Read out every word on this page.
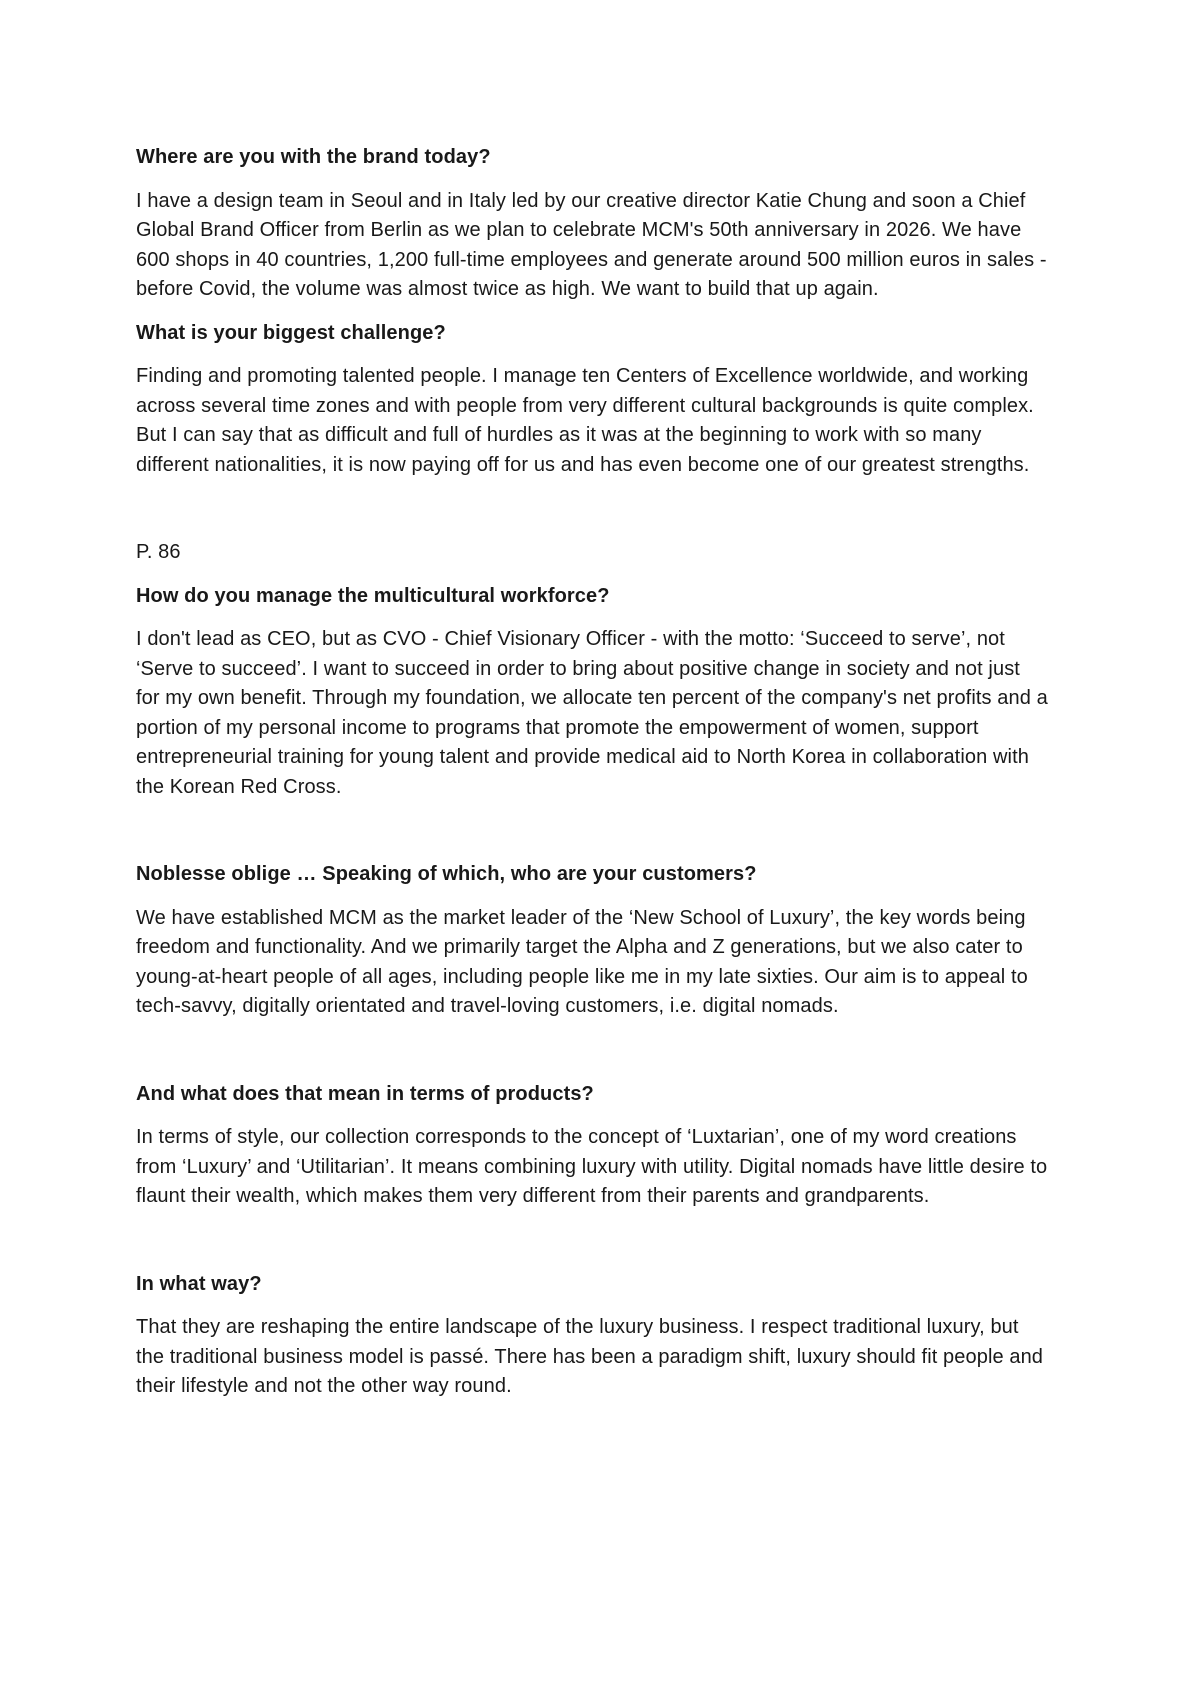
Where are you with the brand today?

I have a design team in Seoul and in Italy led by our creative director Katie Chung and soon a Chief Global Brand Officer from Berlin as we plan to celebrate MCM's 50th anniversary in 2026. We have 600 shops in 40 countries, 1,200 full-time employees and generate around 500 million euros in sales - before Covid, the volume was almost twice as high. We want to build that up again.

What is your biggest challenge?

Finding and promoting talented people. I manage ten Centers of Excellence worldwide, and working across several time zones and with people from very different cultural backgrounds is quite complex. But I can say that as difficult and full of hurdles as it was at the beginning to work with so many different nationalities, it is now paying off for us and has even become one of our greatest strengths.

P. 86

How do you manage the multicultural workforce?

I don't lead as CEO, but as CVO - Chief Visionary Officer - with the motto: ‘Succeed to serve’, not ‘Serve to succeed’. I want to succeed in order to bring about positive change in society and not just for my own benefit. Through my foundation, we allocate ten percent of the company's net profits and a portion of my personal income to programs that promote the empowerment of women, support entrepreneurial training for young talent and provide medical aid to North Korea in collaboration with the Korean Red Cross.

Noblesse oblige … Speaking of which, who are your customers?

We have established MCM as the market leader of the ‘New School of Luxury’, the key words being freedom and functionality. And we primarily target the Alpha and Z generations, but we also cater to young-at-heart people of all ages, including people like me in my late sixties. Our aim is to appeal to tech-savvy, digitally orientated and travel-loving customers, i.e. digital nomads.

And what does that mean in terms of products?

In terms of style, our collection corresponds to the concept of ‘Luxtarian’, one of my word creations from ‘Luxury’ and ‘Utilitarian’. It means combining luxury with utility. Digital nomads have little desire to flaunt their wealth, which makes them very different from their parents and grandparents.

In what way?

That they are reshaping the entire landscape of the luxury business. I respect traditional luxury, but the traditional business model is passé. There has been a paradigm shift, luxury should fit people and their lifestyle and not the other way round.
